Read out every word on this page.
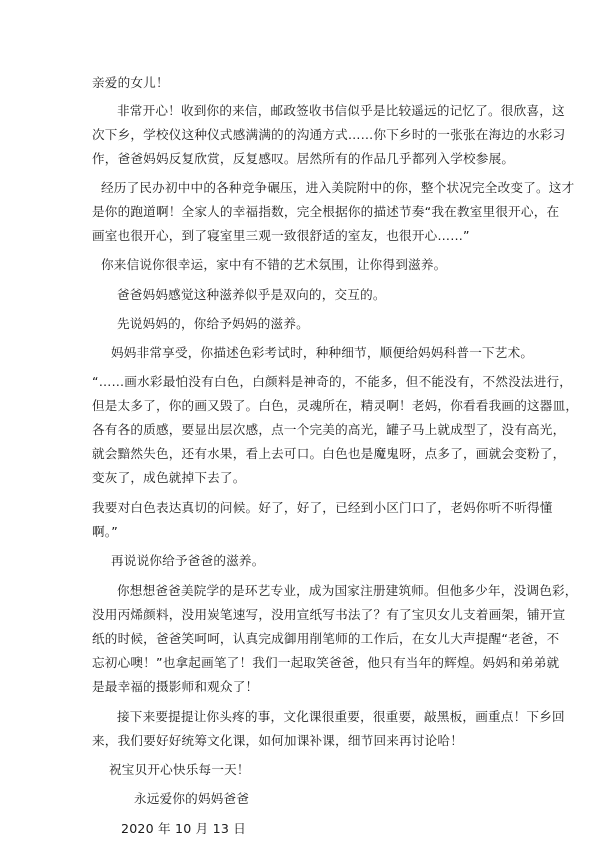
亲爱的女儿！

非常开心！收到你的来信，邮政签收书信似乎是比较遥远的记忆了。很欣喜，这

次下乡，学校仪这种仪式感满满的的沟通方式……你下乡时的一张张在海边的水彩习

作，爸爸妈妈反复欣赏，反复感叹。居然所有的作品几乎都列入学校参展。

经历了民办初中中的各种竞争碾压，进入美院附中的你，整个状况完全改变了。这才

是你的跑道啊！全家人的幸福指数，完全根据你的描述节奏“我在教室里很开心，在

画室也很开心，到了寝室里三观一致很舒适的室友，也很开心……”

你来信说你很幸运，家中有不错的艺术氛围，让你得到滋养。

爸爸妈妈感觉这种滋养似乎是双向的，交互的。

先说妈妈的，你给予妈妈的滋养。

妈妈非常享受，你描述色彩考试时，种种细节，顺便给妈妈科普一下艺术。

“……画水彩最怕没有白色，白颜料是神奇的，不能多，但不能没有，不然没法进行，

但是太多了，你的画又毁了。白色，灵魂所在，精灵啊！老妈，你看看我画的这器皿，

各有各的质感，要显出层次感，点一个完美的高光，罐子马上就成型了，没有高光，

就会黯然失色，还有水果，看上去可口。白色也是魔鬼呀，点多了，画就会变粉了，

变灰了，成色就掉下去了。

我要对白色表达真切的问候。好了，好了，已经到小区门口了，老妈你听不听得懂

啊。”

再说说你给予爸爸的滋养。

你想想爸爸美院学的是环艺专业，成为国家注册建筑师。但他多少年，没调色彩，

没用丙烯颜料，没用炭笔速写，没用宣纸写书法了？有了宝贝女儿支着画架，铺开宣

纸的时候，爸爸笑呵呵，认真完成御用削笔师的工作后，在女儿大声提醒“老爸，不

忘初心噢！”也拿起画笔了！我们一起取笑爸爸，他只有当年的辉煌。妈妈和弟弟就

是最幸福的摄影师和观众了！

接下来要提提让你头疼的事，文化课很重要，很重要，敲黑板，画重点！下乡回

来，我们要好好统筹文化课，如何加课补课，细节回来再讨论哈！

祝宝贝开心快乐每一天！

永远爱你的妈妈爸爸

2020 年 10 月 13 日
